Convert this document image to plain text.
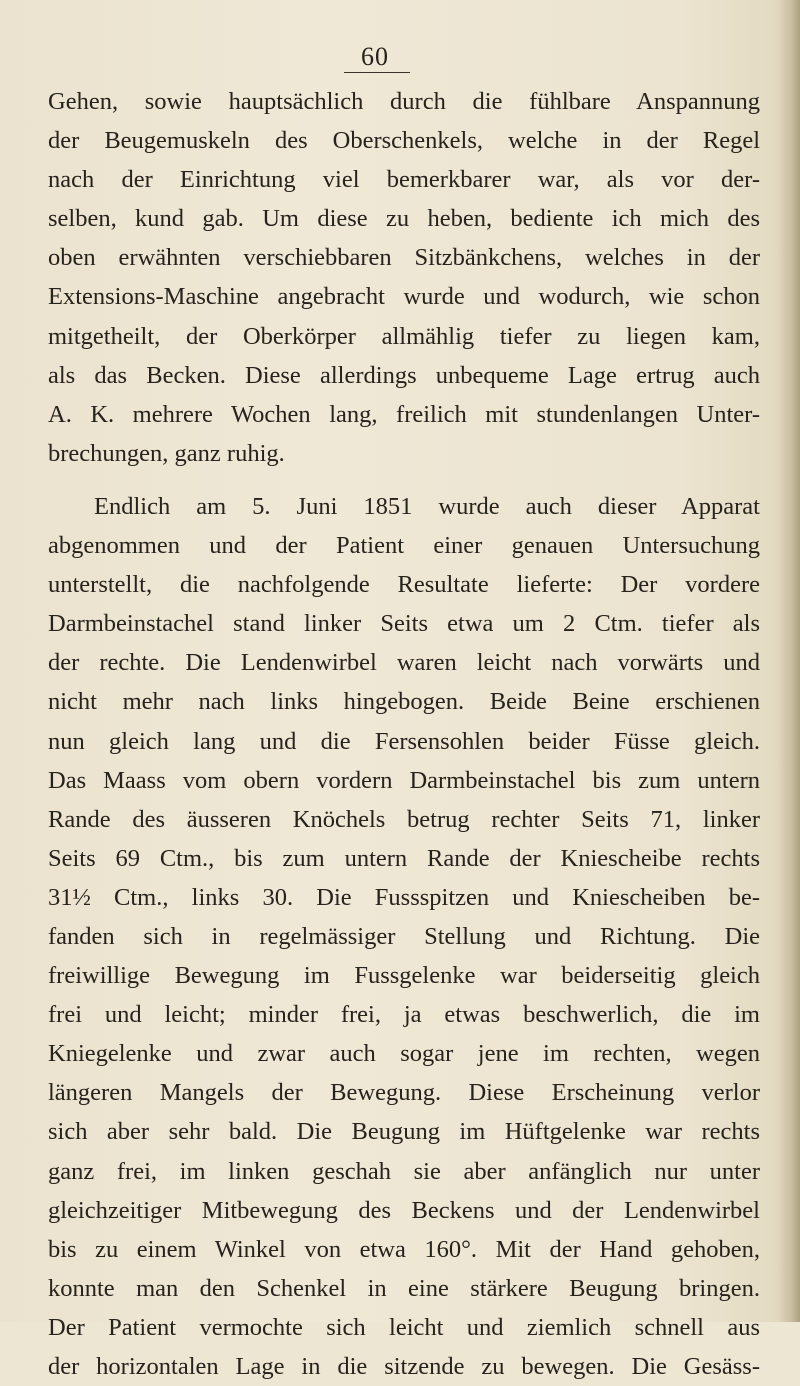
60
Gehen, sowie hauptsächlich durch die fühlbare Anspannung
der Beugemuskeln des Oberschenkels, welche in der Regel
nach der Einrichtung viel bemerkbarer war, als vor der-
selben, kund gab. Um diese zu heben, bediente ich mich des
oben erwähnten verschiebbaren Sitzbänkchens, welches in der
Extensions-Maschine angebracht wurde und wodurch, wie schon
mitgetheilt, der Oberkörper allmählig tiefer zu liegen kam,
als das Becken. Diese allerdings unbequeme Lage ertrug auch
A. K. mehrere Wochen lang, freilich mit stundenlangen Unter-
brechungen, ganz ruhig.
Endlich am 5. Juni 1851 wurde auch dieser Apparat
abgenommen und der Patient einer genauen Untersuchung
unterstellt, die nachfolgende Resultate lieferte: Der vordere
Darmbeinstachel stand linker Seits etwa um 2 Ctm. tiefer als
der rechte. Die Lendenwirbel waren leicht nach vorwärts und
nicht mehr nach links hingebogen. Beide Beine erschienen
nun gleich lang und die Fersensohlen beider Füsse gleich.
Das Maass vom obern vordern Darmbeinstachel bis zum untern
Rande des äusseren Knöchels betrug rechter Seits 71, linker
Seits 69 Ctm., bis zum untern Rande der Kniescheibe rechts
31½ Ctm., links 30. Die Fussspitzen und Kniescheiben be-
fanden sich in regelmässiger Stellung und Richtung. Die
freiwillige Bewegung im Fussgelenke war beiderseitig gleich
frei und leicht; minder frei, ja etwas beschwerlich, die im
Kniegelenke und zwar auch sogar jene im rechten, wegen
längeren Mangels der Bewegung. Diese Erscheinung verlor
sich aber sehr bald. Die Beugung im Hüftgelenke war rechts
ganz frei, im linken geschah sie aber anfänglich nur unter
gleichzeitiger Mitbewegung des Beckens und der Lendenwirbel
bis zu einem Winkel von etwa 160°. Mit der Hand gehoben,
konnte man den Schenkel in eine stärkere Beugung bringen.
Der Patient vermochte sich leicht und ziemlich schnell aus
der horizontalen Lage in die sitzende zu bewegen. Die Gesäss-
